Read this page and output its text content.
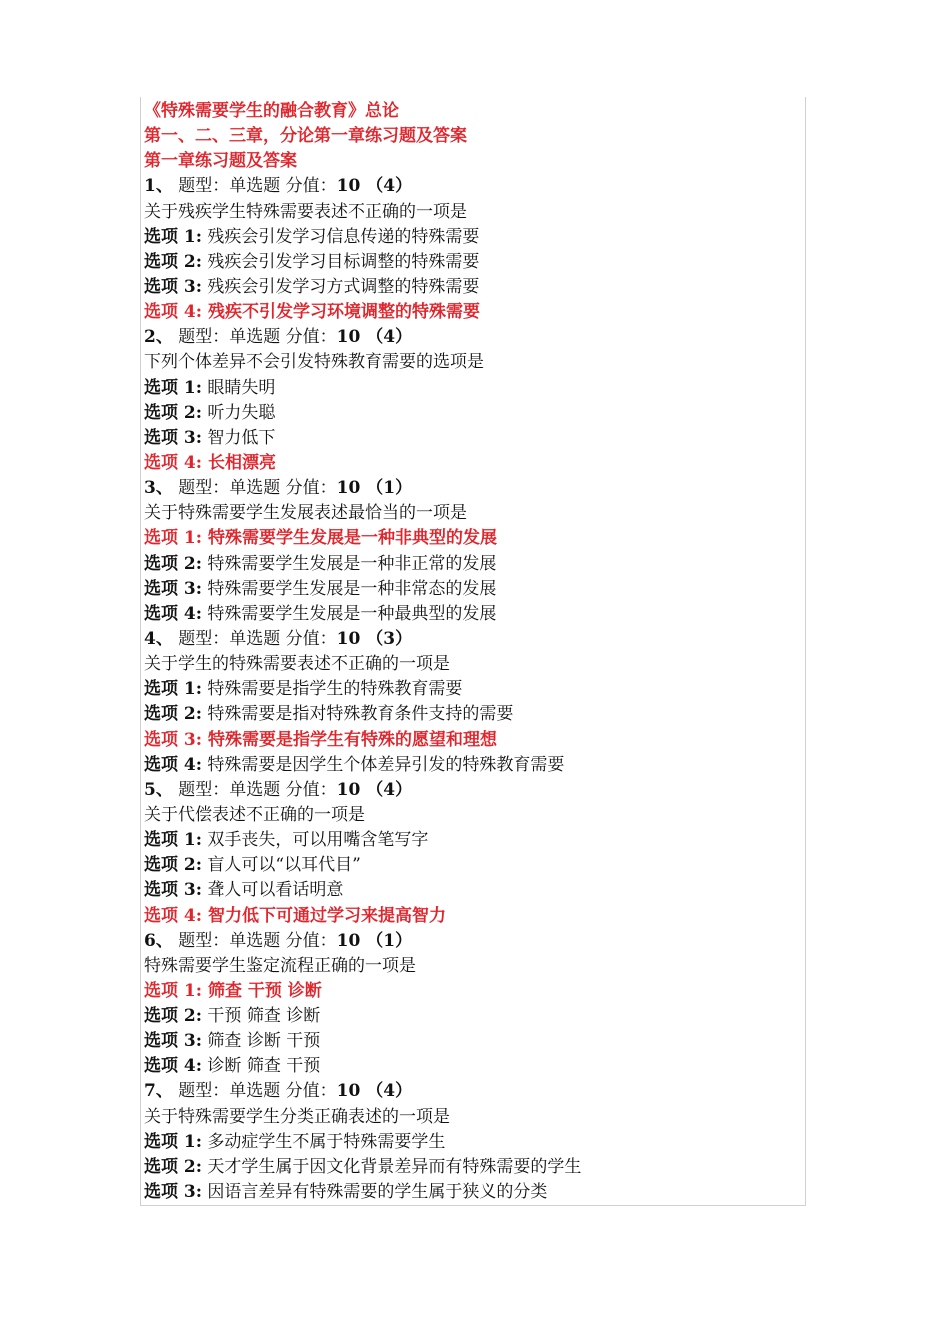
《特殊需要学生的融合教育》总论
第一、二、三章，分论第一章练习题及答案
第一章练习题及答案
1、 题型：单选题 分值：10 （4）
关于残疾学生特殊需要表述不正确的一项是
选项 1: 残疾会引发学习信息传递的特殊需要
选项 2: 残疾会引发学习目标调整的特殊需要
选项 3: 残疾会引发学习方式调整的特殊需要
选项 4: 残疾不引发学习环境调整的特殊需要
2、 题型：单选题 分值：10 （4）
下列个体差异不会引发特殊教育需要的选项是
选项 1: 眼睛失明
选项 2: 听力失聪
选项 3: 智力低下
选项 4: 长相漂亮
3、 题型：单选题 分值：10 （1）
关于特殊需要学生发展表述最恰当的一项是
选项 1: 特殊需要学生发展是一种非典型的发展
选项 2: 特殊需要学生发展是一种非正常的发展
选项 3: 特殊需要学生发展是一种非常态的发展
选项 4: 特殊需要学生发展是一种最典型的发展
4、 题型：单选题 分值：10 （3）
关于学生的特殊需要表述不正确的一项是
选项 1: 特殊需要是指学生的特殊教育需要
选项 2: 特殊需要是指对特殊教育条件支持的需要
选项 3: 特殊需要是指学生有特殊的愿望和理想
选项 4: 特殊需要是因学生个体差异引发的特殊教育需要
5、 题型：单选题 分值：10 （4）
关于代偿表述不正确的一项是
选项 1: 双手丧失，可以用嘴含笔写字
选项 2: 盲人可以“以耳代目”
选项 3: 聋人可以看话明意
选项 4: 智力低下可通过学习来提高智力
6、 题型：单选题 分值：10 （1）
特殊需要学生鉴定流程正确的一项是
选项 1: 筛查 干预 诊断
选项 2: 干预 筛查 诊断
选项 3: 筛查 诊断 干预
选项 4: 诊断 筛查 干预
7、 题型：单选题 分值：10 （4）
关于特殊需要学生分类正确表述的一项是
选项 1: 多动症学生不属于特殊需要学生
选项 2: 天才学生属于因文化背景差异而有特殊需要的学生
选项 3: 因语言差异有特殊需要的学生属于狭义的分类
